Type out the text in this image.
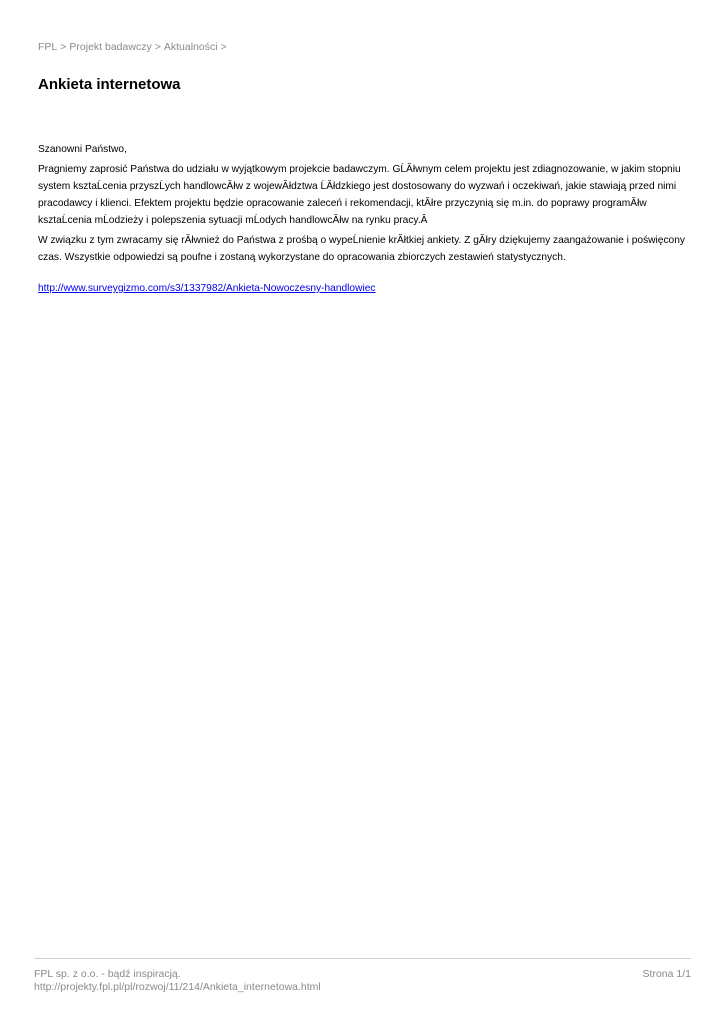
FPL > Projekt badawczy > Aktualności >
Ankieta internetowa

Szanowni Państwo,

Pragniemy zaprosić Państwa do udziału w wyjątkowym projekcie badawczym. GĹĂłwnym celem projektu jest zdiagnozowanie, w jakim stopniu system ksztaĹcenia przyszĹych handlowcĂłw z wojewĂłdztwa ĹĂłdzkiego jest dostosowany do wyzwań i oczekiwań, jakie stawiają przed nimi pracodawcy i klienci. Efektem projektu będzie opracowanie zaleceń i rekomendacji, ktĂłre przyczynią się m.in. do poprawy programĂłw ksztaĹcenia mĹodzieży i polepszenia sytuacji mĹodych handlowcĂłw na rynku pracy.Â

W związku z tym zwracamy się rĂłwnież do Państwa z prośbą o wypeĹnienie krĂłtkiej ankiety. Z gĂłry dziękujemy zaangażowanie i poświęcony czas. Wszystkie odpowiedzi są poufne i zostaną wykorzystane do opracowania zbiorczych zestawień statystycznych.

http://www.surveygizmo.com/s3/1337982/Ankieta-Nowoczesny-handlowiec
FPL sp. z o.o. - bądź inspiracją.
http://projekty.fpl.pl/pl/rozwoj/11/214/Ankieta_internetowa.html
Strona 1/1
